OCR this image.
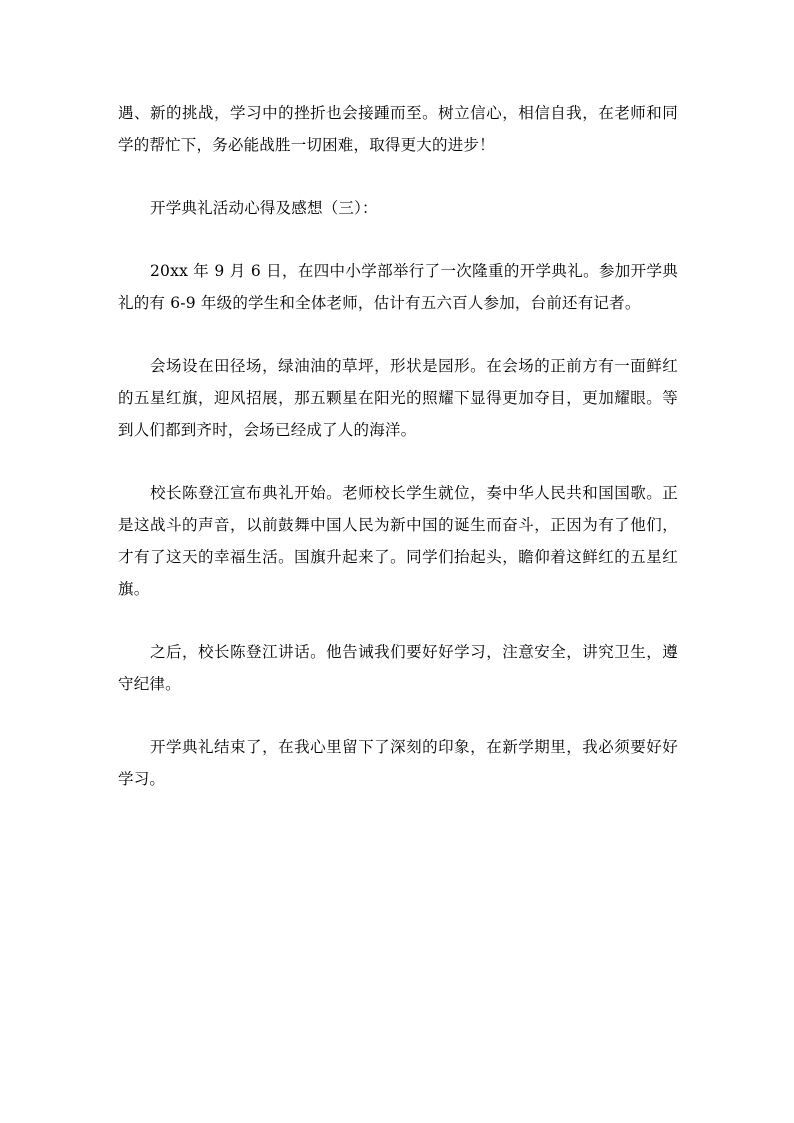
遇、新的挑战，学习中的挫折也会接踵而至。树立信心，相信自我，在老师和同学的帮忙下，务必能战胜一切困难，取得更大的进步！

开学典礼活动心得及感想（三）：

20xx 年 9 月 6 日，在四中小学部举行了一次隆重的开学典礼。参加开学典礼的有 6-9 年级的学生和全体老师，估计有五六百人参加，台前还有记者。

会场设在田径场，绿油油的草坪，形状是园形。在会场的正前方有一面鲜红的五星红旗，迎风招展，那五颗星在阳光的照耀下显得更加夺目，更加耀眼。等到人们都到齐时，会场已经成了人的海洋。

校长陈登江宣布典礼开始。老师校长学生就位，奏中华人民共和国国歌。正是这战斗的声音，以前鼓舞中国人民为新中国的诞生而奋斗，正因为有了他们，才有了这天的幸福生活。国旗升起来了。同学们抬起头，瞻仰着这鲜红的五星红旗。

之后，校长陈登江讲话。他告诫我们要好好学习，注意安全，讲究卫生，遵守纪律。

开学典礼结束了，在我心里留下了深刻的印象，在新学期里，我必须要好好学习。
